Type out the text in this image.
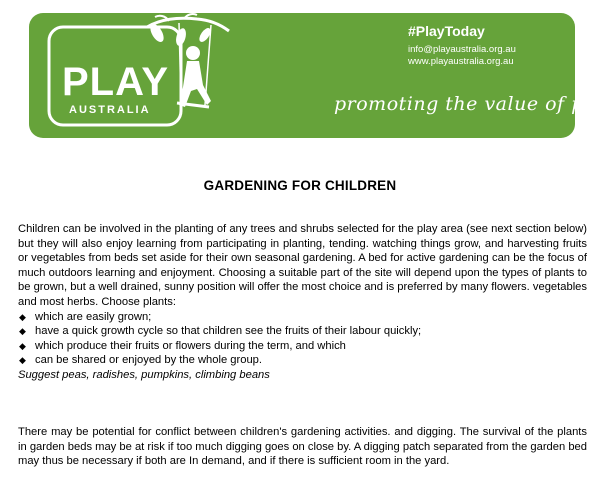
PLAY
AUSTRALIA
#PlayToday
info@playaustralia.org.au
www.playaustralia.org.au
promoting the value of play
GARDENING FOR CHILDREN
Children can be involved in the planting of any trees and shrubs selected for the play area (see next section below) but they will also enjoy learning from participating in planting, tending. watching things grow, and harvesting fruits or vegetables from beds set aside for their own seasonal gardening. A bed for active gardening can be the focus of much outdoors learning and enjoyment. Choosing a suitable part of the site will depend upon the types of plants to be grown, but a well drained, sunny position will offer the most choice and is preferred by many flowers. vegetables and most herbs. Choose plants:
◆ which are easily grown;
◆ have a quick growth cycle so that children see the fruits of their labour quickly;
◆ which produce their fruits or flowers during the term, and which
◆ can be shared or enjoyed by the whole group.
Suggest peas, radishes, pumpkins, climbing beans
There may be potential for conflict between children's gardening activities. and digging. The survival of the plants in garden beds may be at risk if too much digging goes on close by. A digging patch separated from the garden bed may thus be necessary if both are In demand, and if there is sufficient room in the yard.
